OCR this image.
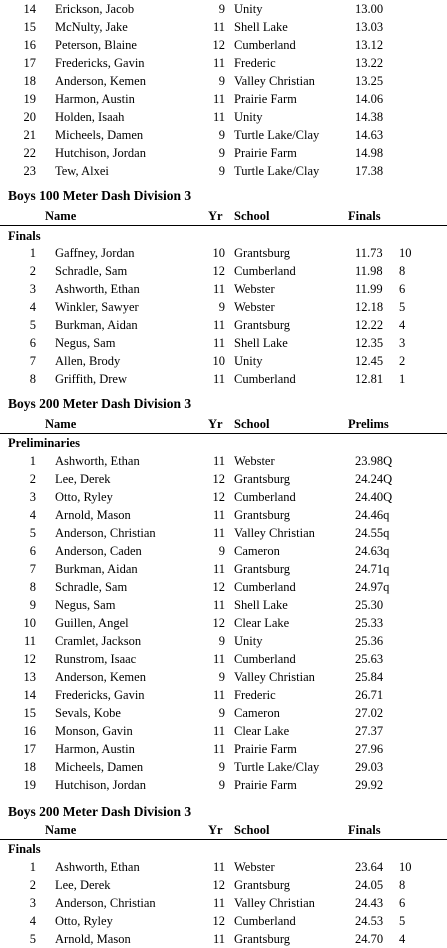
14 Erickson, Jacob	9 Unity	13.00
15 McNulty, Jake	11 Shell Lake	13.03
16 Peterson, Blaine	12 Cumberland	13.12
17 Fredericks, Gavin	11 Frederic	13.22
18 Anderson, Kemen	9 Valley Christian	13.25
19 Harmon, Austin	11 Prairie Farm	14.06
20 Holden, Isaah	11 Unity	14.38
21 Micheels, Damen	9 Turtle Lake/Clay	14.63
22 Hutchison, Jordan	9 Prairie Farm	14.98
23 Tew, Alxei	9 Turtle Lake/Clay	17.38
Boys 100 Meter Dash Division 3
Name	Yr School	Finals
Finals
1 Gaffney, Jordan	10 Grantsburg	11.73 10
2 Schradle, Sam	12 Cumberland	11.98 8
3 Ashworth, Ethan	11 Webster	11.99 6
4 Winkler, Sawyer	9 Webster	12.18 5
5 Burkman, Aidan	11 Grantsburg	12.22 4
6 Negus, Sam	11 Shell Lake	12.35 3
7 Allen, Brody	10 Unity	12.45 2
8 Griffith, Drew	11 Cumberland	12.81 1
Boys 200 Meter Dash Division 3
Name	Yr School	Prelims
Preliminaries
1 Ashworth, Ethan	11 Webster	23.98Q
2 Lee, Derek	12 Grantsburg	24.24Q
3 Otto, Ryley	12 Cumberland	24.40Q
4 Arnold, Mason	11 Grantsburg	24.46q
5 Anderson, Christian	11 Valley Christian	24.55q
6 Anderson, Caden	9 Cameron	24.63q
7 Burkman, Aidan	11 Grantsburg	24.71q
8 Schradle, Sam	12 Cumberland	24.97q
9 Negus, Sam	11 Shell Lake	25.30
10 Guillen, Angel	12 Clear Lake	25.33
11 Cramlet, Jackson	9 Unity	25.36
12 Runstrom, Isaac	11 Cumberland	25.63
13 Anderson, Kemen	9 Valley Christian	25.84
14 Fredericks, Gavin	11 Frederic	26.71
15 Sevals, Kobe	9 Cameron	27.02
16 Monson, Gavin	11 Clear Lake	27.37
17 Harmon, Austin	11 Prairie Farm	27.96
18 Micheels, Damen	9 Turtle Lake/Clay	29.03
19 Hutchison, Jordan	9 Prairie Farm	29.92
Boys 200 Meter Dash Division 3
Name	Yr School	Finals
Finals
1 Ashworth, Ethan	11 Webster	23.64 10
2 Lee, Derek	12 Grantsburg	24.05 8
3 Anderson, Christian	11 Valley Christian	24.43 6
4 Otto, Ryley	12 Cumberland	24.53 5
5 Arnold, Mason	11 Grantsburg	24.70 4
